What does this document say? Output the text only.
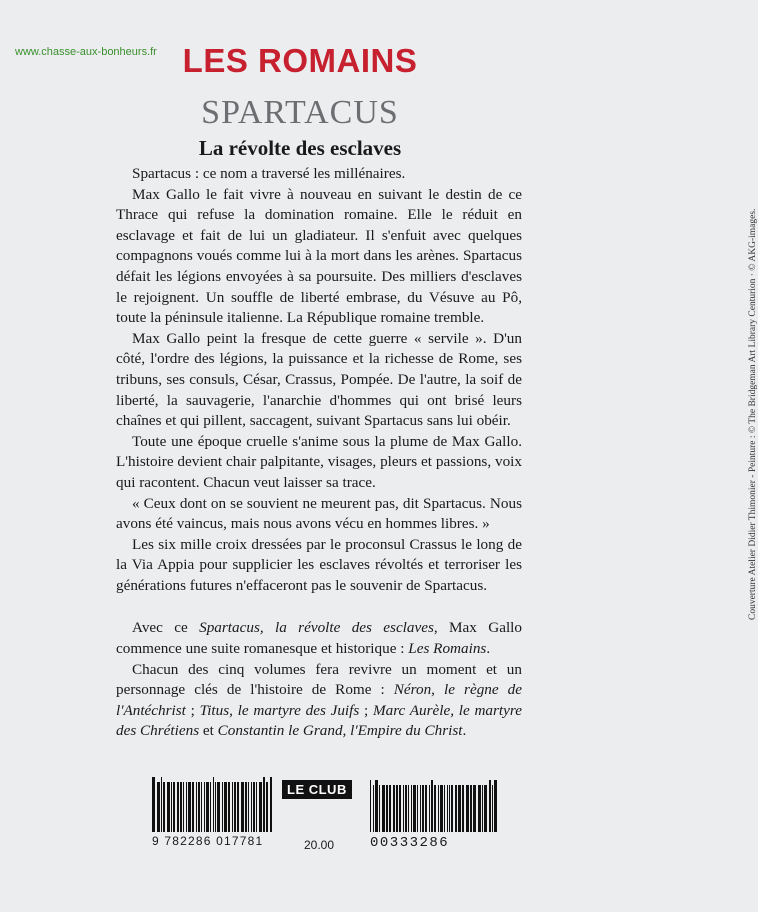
www.chasse-aux-bonheurs.fr LES ROMAINS
SPARTACUS
La révolte des esclaves

Spartacus : ce nom a traversé les millénaires.

Max Gallo le fait vivre à nouveau en suivant le destin de ce Thrace qui refuse la domination romaine. Elle le réduit en esclavage et fait de lui un gladiateur. Il s'enfuit avec quelques compagnons voués comme lui à la mort dans les arènes. Spartacus défait les légions envoyées à sa poursuite. Des milliers d'esclaves le rejoignent. Un souffle de liberté embrase, du Vésuve au Pô, toute la péninsule italienne. La République romaine tremble.

Max Gallo peint la fresque de cette guerre « servile ». D'un côté, l'ordre des légions, la puissance et la richesse de Rome, ses tribuns, ses consuls, César, Crassus, Pompée. De l'autre, la soif de liberté, la sauvagerie, l'anarchie d'hommes qui ont brisé leurs chaînes et qui pillent, saccagent, suivant Spartacus sans lui obéir.

Toute une époque cruelle s'anime sous la plume de Max Gallo. L'histoire devient chair palpitante, visages, pleurs et passions, voix qui racontent. Chacun veut laisser sa trace.

« Ceux dont on se souvient ne meurent pas, dit Spartacus. Nous avons été vaincus, mais nous avons vécu en hommes libres. »

Les six mille croix dressées par le proconsul Crassus le long de la Via Appia pour supplicier les esclaves révoltés et terroriser les générations futures n'effaceront pas le souvenir de Spartacus.

Avec ce Spartacus, la révolte des esclaves, Max Gallo commence une suite romanesque et historique : Les Romains.

Chacun des cinq volumes fera revivre un moment et un personnage clés de l'histoire de Rome : Néron, le règne de l'Antéchrist ; Titus, le martyre des Juifs ; Marc Aurèle, le martyre des Chrétiens et Constantin le Grand, l'Empire du Christ.

Couverture Atelier Didier Thimonier - Peinture : © The Bridgeman Art Library Centurion · © AKG-images.
9 782286 017781
LE CLUB
20.00	00333286
